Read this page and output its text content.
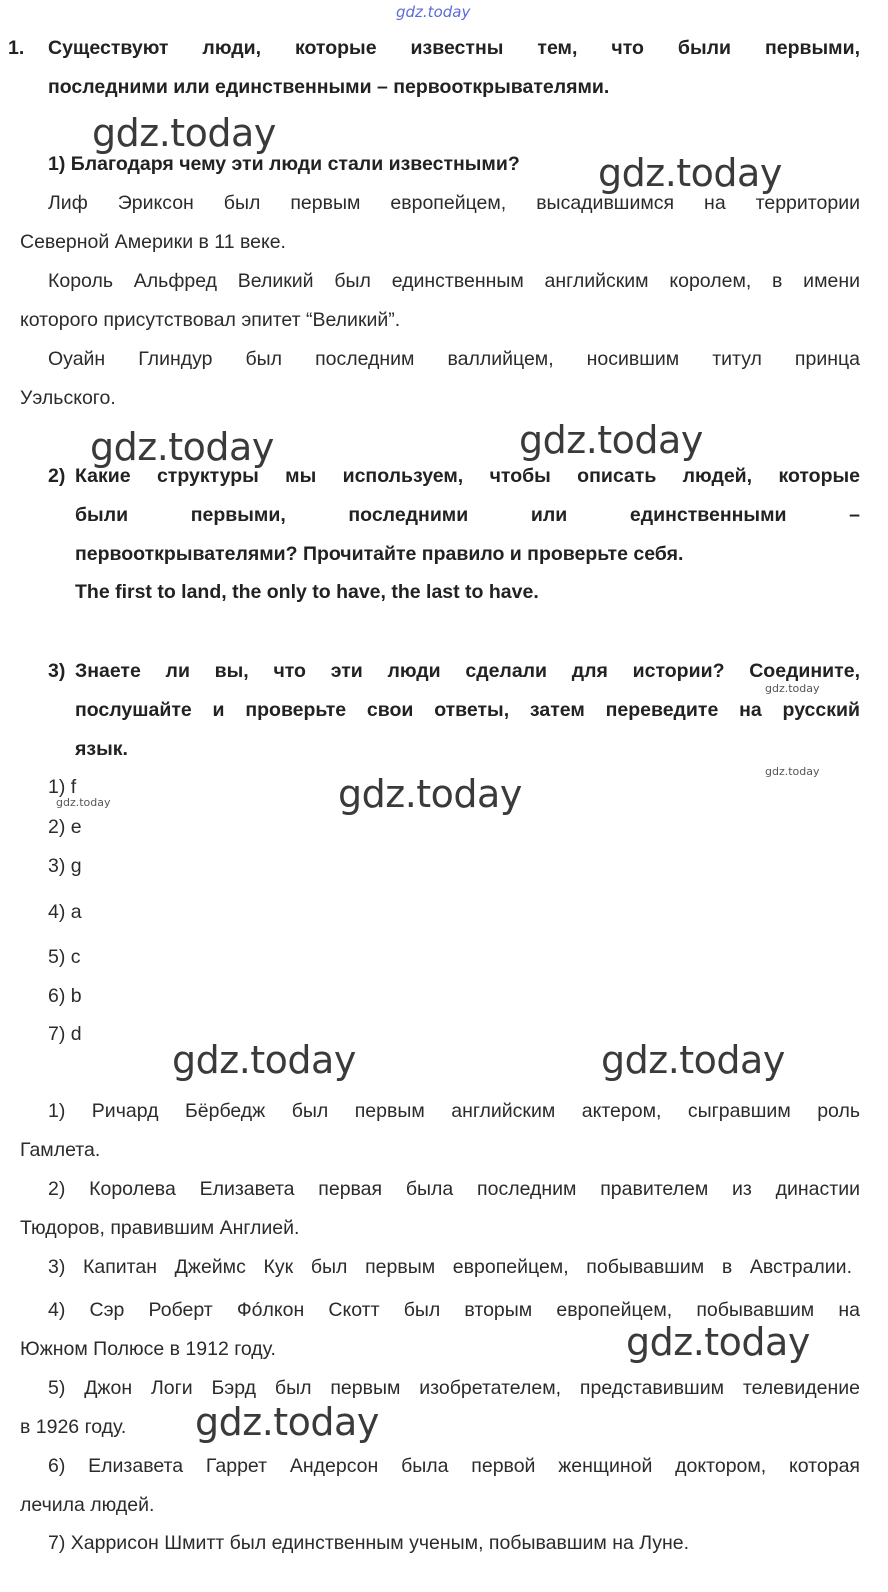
gdz.today
1. Существуют люди, которые известны тем, что были первыми,
последними или единственными – первооткрывателями.
1) Благодаря чему эти люди стали известными?
Лиф Эриксон был первым европейцем, высадившимся на территории
Северной Америки в 11 веке.
Король Альфред Великий был единственным английским королем, в имени
которого присутствовал эпитет “Великий”.
Оуайн Глиндур был последним валлийцем, носившим титул принца
Уэльского.
2) Какие структуры мы используем, чтобы описать людей, которые
были первыми, последними или единственными –
первооткрывателями? Прочитайте правило и проверьте себя.
The first to land, the only to have, the last to have.
3) Знаете ли вы, что эти люди сделали для истории? Соедините,
послушайте и проверьте свои ответы, затем переведите на русский
язык.
1) f
2) e
3) g
4) a
5) c
6) b
7) d
1) Ричард Бёрбедж был первым английским актером, сыгравшим роль
Гамлета.
2) Королева Елизавета первая была последним правителем из династии
Тюдоров, правившим Англией.
3) Капитан Джеймс Кук был первым европейцем, побывавшим в Австралии.
4) Сэр Роберт Фóлкон Скотт был вторым европейцем, побывавшим на
Южном Полюсе в 1912 году.
5) Джон Логи Бэрд был первым изобретателем, представившим телевидение
в 1926 году.
6) Елизавета Гаррет Андерсон была первой женщиной доктором, которая
лечила людей.
7) Харрисон Шмитт был единственным ученым, побывавшим на Луне.
gdz.today
gdz.today
gdz.today	gdz.today
gdz.today
gdz.today	gdz.today
gdz.today
gdz.today
gdz.today
gdz.today
gdz.today
